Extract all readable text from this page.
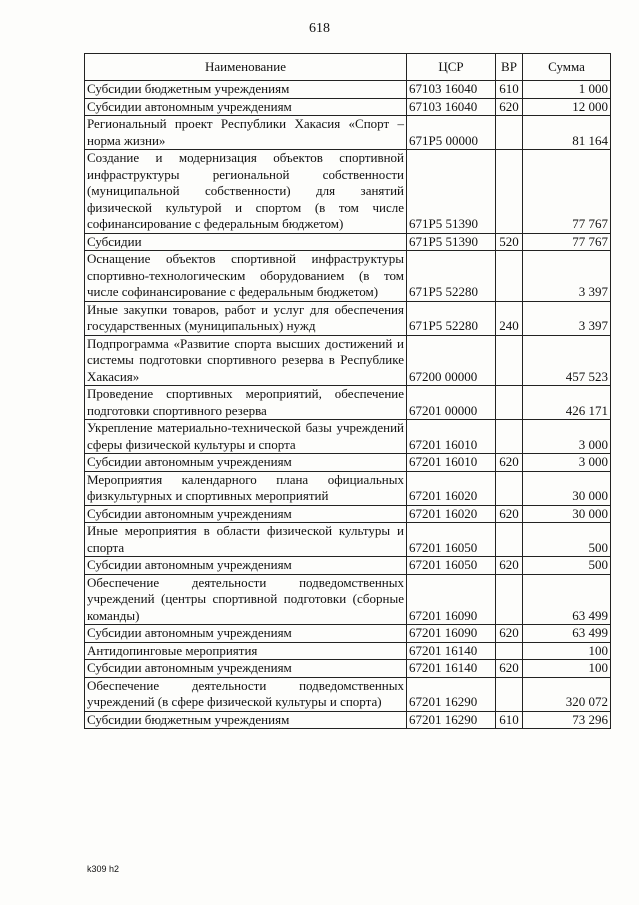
618
Наименование	ЦСР	ВР	Сумма
Субсидии бюджетным учреждениям	67103 16040	610	1 000
Субсидии автономным учреждениям	67103 16040	620	12 000
Региональный проект Республики Хакасия «Спорт – норма жизни»	671P5 00000		81 164
Создание и модернизация объектов спортивной инфраструктуры региональной собственности (муниципальной собственности) для занятий физической культурой и спортом (в том числе софинансирование с федеральным бюджетом)	671P5 51390		77 767
Субсидии	671P5 51390	520	77 767
Оснащение объектов спортивной инфраструктуры спортивно-технологическим оборудованием (в том числе софинансирование с федеральным бюджетом)	671P5 52280		3 397
Иные закупки товаров, работ и услуг для обеспечения государственных (муниципальных) нужд	671P5 52280	240	3 397
Подпрограмма «Развитие спорта высших достижений и системы подготовки спортивного резерва в Республике Хакасия»	67200 00000		457 523
Проведение спортивных мероприятий, обеспечение подготовки спортивного резерва	67201 00000		426 171
Укрепление материально-технической базы учреждений сферы физической культуры и спорта	67201 16010		3 000
Субсидии автономным учреждениям	67201 16010	620	3 000
Мероприятия календарного плана официальных физкультурных и спортивных мероприятий	67201 16020		30 000
Субсидии автономным учреждениям	67201 16020	620	30 000
Иные мероприятия в области физической культуры и спорта	67201 16050		500
Субсидии автономным учреждениям	67201 16050	620	500
Обеспечение деятельности подведомственных учреждений (центры спортивной подготовки (сборные команды)	67201 16090		63 499
Субсидии автономным учреждениям	67201 16090	620	63 499
Антидопинговые мероприятия	67201 16140		100
Субсидии автономным учреждениям	67201 16140	620	100
Обеспечение деятельности подведомственных учреждений (в сфере физической культуры и спорта)	67201 16290		320 072
Субсидии бюджетным учреждениям	67201 16290	610	73 296
k309 h2
